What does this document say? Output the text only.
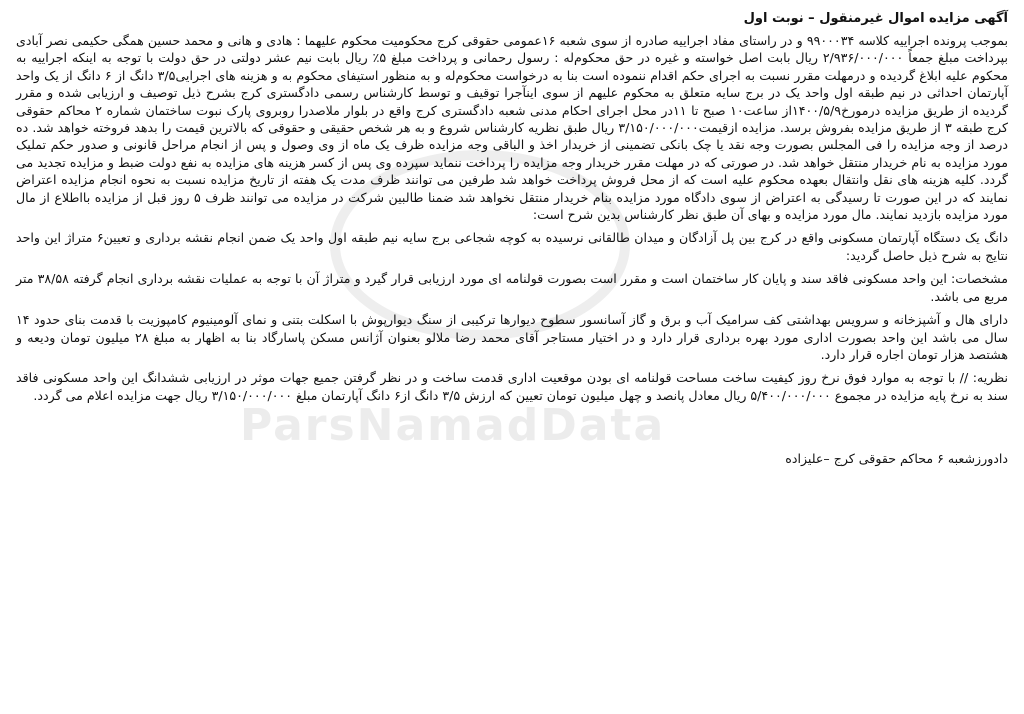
ParsNamadData
آگهی مزایده اموال غیرمنقول – نوبت اول

بموجب پرونده اجراییه کلاسه ۹۹۰۰۰۳۴ و در راستای مفاد اجراییه صادره از سوی شعبه ۱۶عمومی حقوقی کرج محکومیت محکوم علیهما : هادی و هانی و محمد حسین همگی حکیمی نصر آبادی بپرداخت مبلغ جمعاً ۲/۹۳۶/۰۰۰/۰۰۰ ریال بابت اصل خواسته و غیره در حق محکوم‌له : رسول رحمانی و پرداخت مبلغ ۵٪ ریال بابت نیم عشر دولتی در حق دولت با توجه به اینکه اجراییه به محکوم علیه ابلاغ گردیده و درمهلت مقرر نسبت به اجرای حکم اقدام ننموده است بنا به درخواست محکوم‌له و به منظور استیفای محکوم به و هزینه های اجرایی۳/۵ دانگ از ۶ دانگ از یک واحد آپارتمان احداثی در نیم طبقه اول واحد یک در برج سایه متعلق به محکوم علیهم از سوی اینآجرا توقیف و توسط کارشناس رسمی دادگستری کرج بشرح ذیل توصیف و ارزیابی شده و مقرر گردیده از طریق مزایده درمورخ۱۴۰۰/۵/۹از ساعت۱۰ صبح تا ۱۱در محل اجرای احکام مدنی شعبه دادگستری کرج واقع در بلوار ملاصدرا روبروی پارک نبوت ساختمان شماره ۲ محاکم حقوقی کرج طبقه ۳ از طریق مزایده بفروش برسد. مزایده ازقیمت۳/۱۵۰/۰۰۰/۰۰۰ ریال طبق نظریه کارشناس شروع و به هر شخص حقیقی و حقوقی که بالاترین قیمت را بدهد فروخته خواهد شد. ده درصد از وجه مزایده را فی المجلس بصورت وجه نقد یا چک بانکی تضمینی از خریدار اخذ و الباقی وجه مزایده ظرف یک ماه از وی وصول و پس از انجام مراحل قانونی و صدور حکم تملیک مورد مزایده به نام خریدار منتقل خواهد شد. در صورتی که در مهلت مقرر خریدار وجه مزایده را پرداخت ننماید سپرده وی پس از کسر هزینه های مزایده به نفع دولت ضبط و مزایده تجدید می گردد. کلیه هزینه های نقل وانتقال بعهده محکوم علیه است که از محل فروش پرداخت خواهد شد طرفین می توانند ظرف مدت یک هفته از تاریخ مزایده نسبت به نحوه انجام مزایده اعتراض نمایند که در این صورت تا رسیدگی به اعتراض از سوی دادگاه مورد مزایده بنام خریدار منتقل نخواهد شد ضمنا طالبین شرکت در مزایده می توانند ظرف ۵ روز قبل از مزایده بااطلاع از مال مورد مزایده بازدید نمایند. مال مورد مزایده و بهای آن طبق نظر کارشناس بدین شرح است:

دانگ یک دستگاه آپارتمان مسکونی واقع در کرج بین پل آزادگان و میدان طالقانی نرسیده به کوچه شجاعی برج سایه نیم طبقه اول واحد یک ضمن انجام نقشه برداری و تعیین۶ متراژ این واحد نتایج به شرح ذیل حاصل گردید:

مشخصات: این واحد مسکونی فاقد سند و پایان کار ساختمان است و مقرر است بصورت قولنامه ای مورد ارزیابی قرار گیرد و متراژ آن با توجه به عملیات نقشه برداری انجام گرفته ۳۸/۵۸ متر مربع می باشد.

دارای هال و آشپزخانه و سرویس بهداشتی کف سرامیک آب و برق و گاز آسانسور سطوح دیوارها ترکیبی از سنگ دیوارپوش با اسکلت بتنی و نمای آلومینیوم کامپوزیت با قدمت بنای حدود ۱۴ سال می باشد این واحد بصورت اداری مورد بهره برداری قرار دارد و در اختیار مستاجر آقای محمد رضا ملالو بعنوان آژانس مسکن پاسارگاد بنا به اظهار به مبلغ ۲۸ میلیون تومان ودیعه و هشتصد هزار تومان اجاره قرار دارد.

نظریه: // با توجه به موارد فوق نرخ روز کیفیت ساخت مساحت قولنامه ای بودن موقعیت اداری قدمت ساخت و در نظر گرفتن جمیع جهات موثر در ارزیابی ششدانگ این واحد مسکونی فاقد سند به نرخ پایه مزایده در مجموع ۵/۴۰۰/۰۰۰/۰۰۰ ریال معادل پانصد و چهل میلیون تومان تعیین که ارزش ۳/۵ دانگ از۶ دانگ آپارتمان مبلغ ۳/۱۵۰/۰۰۰/۰۰۰ ریال جهت مزایده اعلام می گردد.

دادورزشعبه ۶ محاکم حقوقی کرج –علیزاده
